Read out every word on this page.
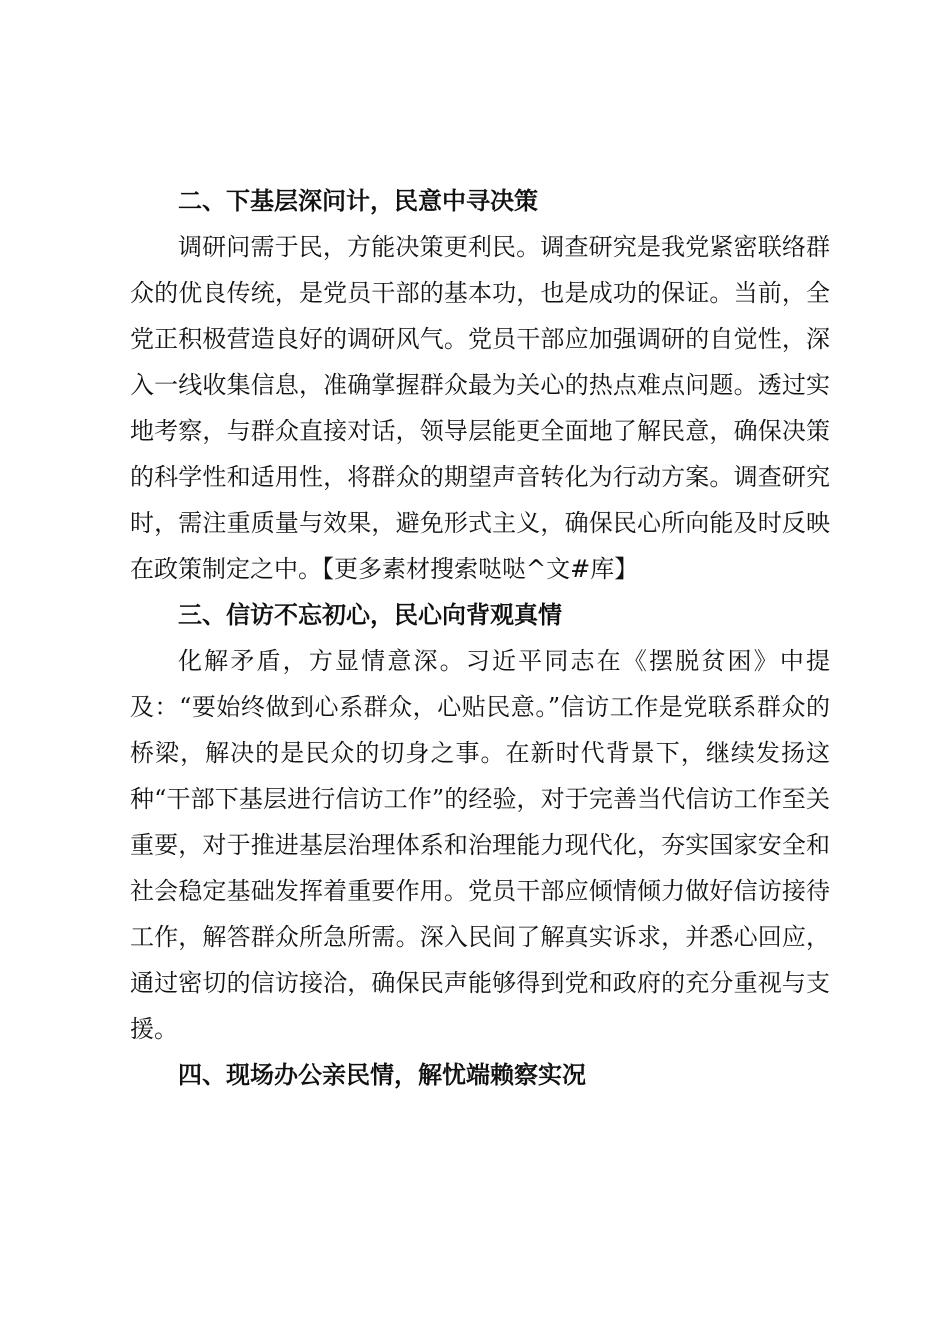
二、下基层深问计，民意中寻决策

调研问需于民，方能决策更利民。调查研究是我党紧密联络群众的优良传统，是党员干部的基本功，也是成功的保证。当前，全党正积极营造良好的调研风气。党员干部应加强调研的自觉性，深入一线收集信息，准确掌握群众最为关心的热点难点问题。透过实地考察，与群众直接对话，领导层能更全面地了解民意，确保决策的科学性和适用性，将群众的期望声音转化为行动方案。调查研究时，需注重质量与效果，避免形式主义，确保民心所向能及时反映在政策制定之中。【更多素材搜索哒哒^文#库】

三、信访不忘初心，民心向背观真情

化解矛盾，方显情意深。习近平同志在《摆脱贫困》中提及：“要始终做到心系群众，心贴民意。”信访工作是党联系群众的桥梁，解决的是民众的切身之事。在新时代背景下，继续发扬这种“干部下基层进行信访工作”的经验，对于完善当代信访工作至关重要，对于推进基层治理体系和治理能力现代化，夯实国家安全和社会稳定基础发挥着重要作用。党员干部应倾情倾力做好信访接待工作，解答群众所急所需。深入民间了解真实诉求，并悉心回应，通过密切的信访接洽，确保民声能够得到党和政府的充分重视与支援。

四、现场办公亲民情，解忧端赖察实况
